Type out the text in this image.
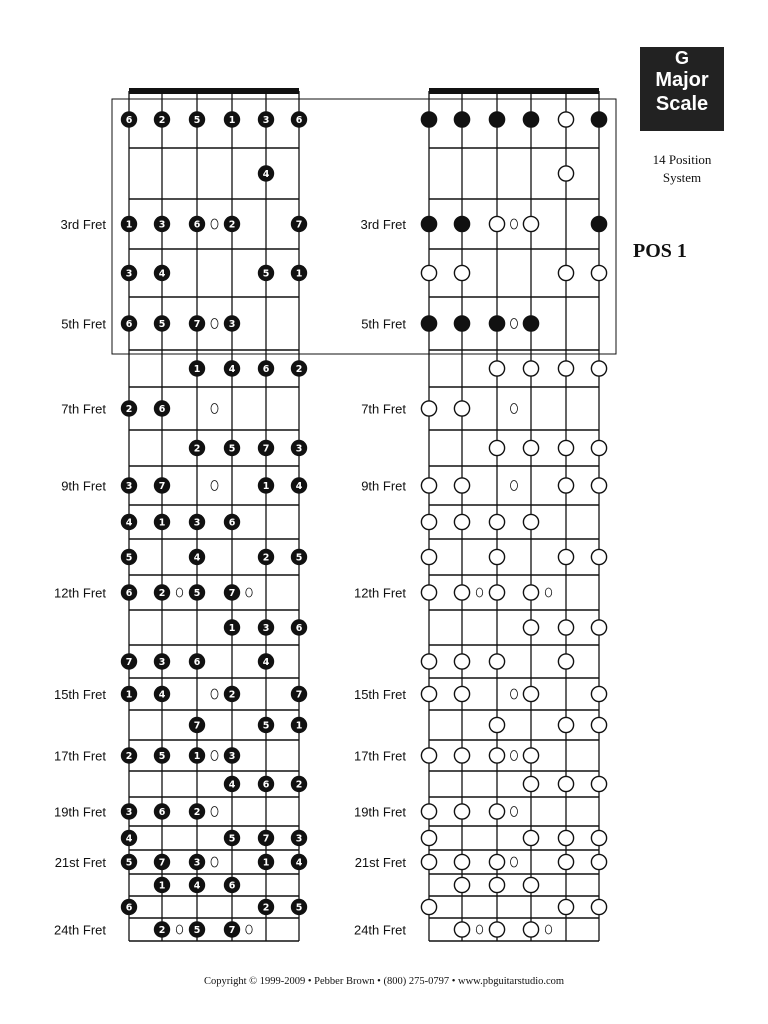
3rd Fret
5th Fret
7th Fret
9th Fret
12th Fret
15th Fret
17th Fret
19th Fret
21st Fret
24th Fret
6
1
3
6
2
3
4
5
6
7
1
2
3
4
5
6
2
3
4
5
6
7
1
2
3
4
5
6
7
1
2
5
6
7
1
2
3
4
5
6
7
1
2
3
4
5
1
2
3
4
5
6
7
1
2
3
4
5
6
7
3
4
5
6
7
1
2
3
4
5
6
7
1
2
6
7
1
2
3
4
5
6
7
1
2
3
4
5
3rd Fret
5th Fret
7th Fret
9th Fret
12th Fret
15th Fret
17th Fret
19th Fret
21st Fret
24th Fret
G
Major
Scale
14 Position
System
POS 1
Copyright © 1999-2009 • Pebber Brown • (800) 275-0797 • www.pbguitarstudio.com
